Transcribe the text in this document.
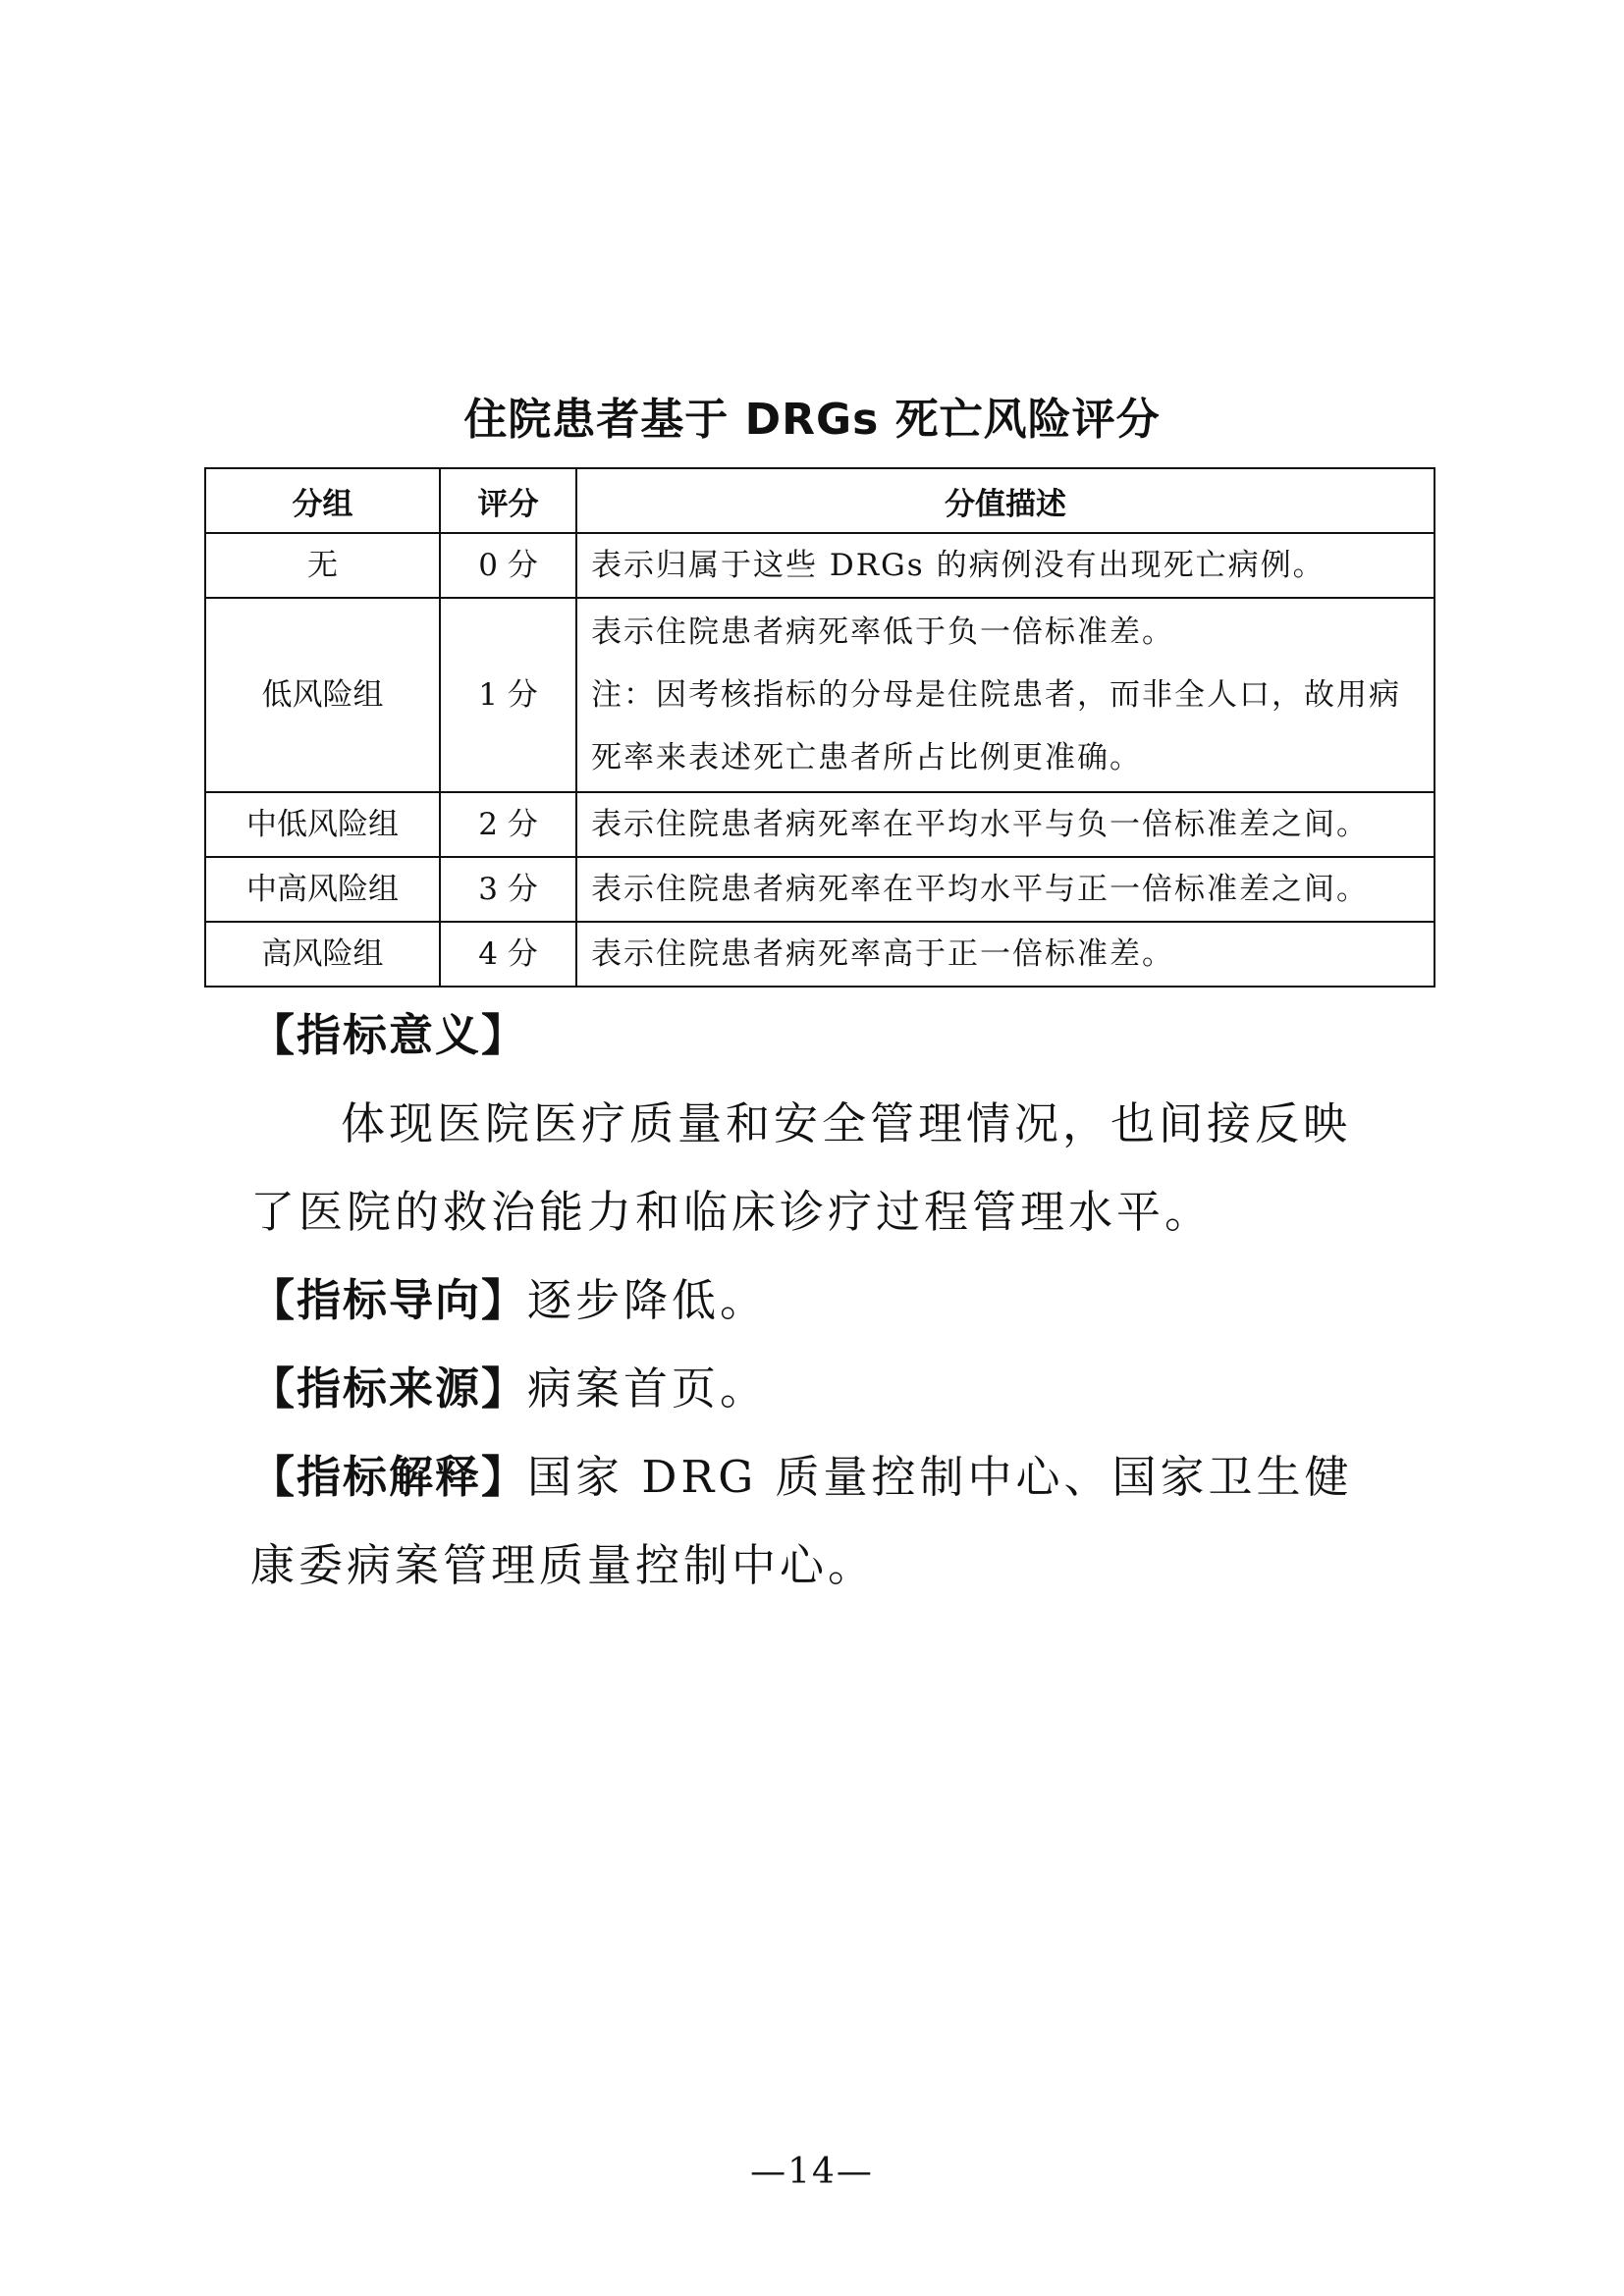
住院患者基于 DRGs 死亡风险评分
分组	评分	分值描述
无	0 分	表示归属于这些 DRGs 的病例没有出现死亡病例。

低风险组	1 分	表示住院患者病死率低于负一倍标准差。
注：因考核指标的分母是住院患者，而非全人口，故用病
死率来表述死亡患者所占比例更准确。

中低风险组	2 分	表示住院患者病死率在平均水平与负一倍标准差之间。

中高风险组	3 分	表示住院患者病死率在平均水平与正一倍标准差之间。

高风险组	4 分	表示住院患者病死率高于正一倍标准差。
【指标意义】

体现医院医疗质量和安全管理情况，也间接反映了医院的救治能力和临床诊疗过程管理水平。

【指标导向】逐步降低。
【指标来源】病案首页。
【指标解释】国家 DRG 质量控制中心、国家卫生健康委病案管理质量控制中心。
—14—
